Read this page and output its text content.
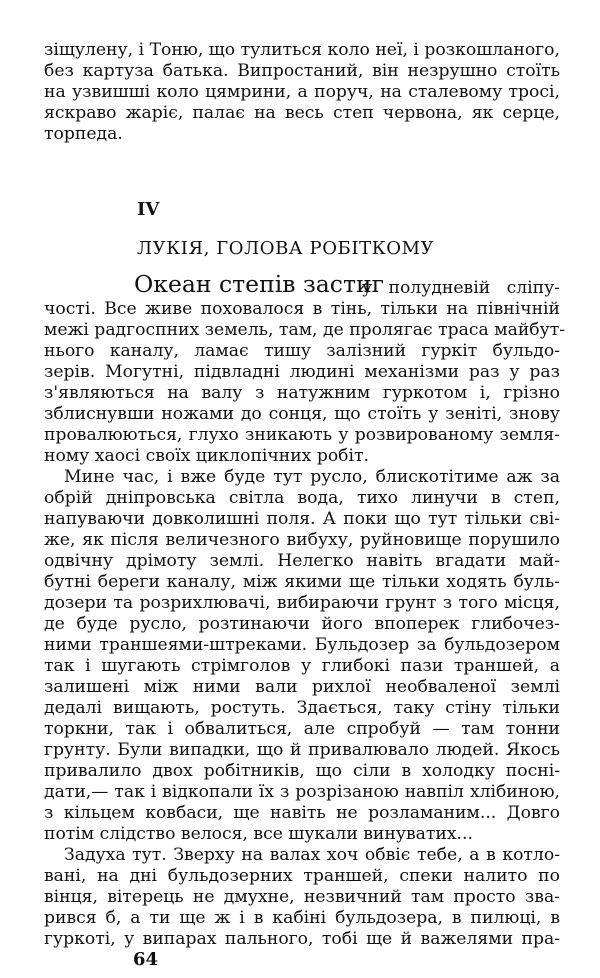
зіщулену, і Тоню, що тулиться коло неї, і розкошланого,
без картуза батька. Випростаний, він незрушно стоїть
на узвишші коло цямрини, а поруч, на сталевому тросі,
яскраво жаріє, палає на весь степ червона, як серце,
торпеда.
IV
ЛУКІЯ, ГОЛОВА РОБІТКОМУ
Океан степів застиг
у полудневій сліпу-
чості. Все живе поховалося в тінь, тільки на північній
межі радгоспних земель, там, де пролягає траса майбут-
нього каналу, ламає тишу залізний гуркіт бульдо-
зерів. Могутні, підвладні людині механізми раз у раз
з'являються на валу з натужним гуркотом і, грізно
зблиснувши ножами до сонця, що стоїть у зеніті, знову
провалюються, глухо зникають у розвированому земля-
ному хаосі своїх циклопічних робіт.
Мине час, і вже буде тут русло, блискотітиме аж за
обрій дніпровська світла вода, тихо линучи в степ,
напуваючи довколишні поля. А поки що тут тільки сві-
же, як після величезного вибуху, руйновище порушило
одвічну дрімоту землі. Нелегко навіть вгадати май-
бутні береги каналу, між якими ще тільки ходять буль-
дозери та розрихлювачі, вибираючи грунт з того місця,
де буде русло, розтинаючи його впоперек глибочез-
ними траншеями-штреками. Бульдозер за бульдозером
так і шугають стрімголов у глибокі пази траншей, а
залишені між ними вали рихлої необваленої землі
дедалі вищають, ростуть. Здається, таку стіну тільки
торкни, так і обвалиться, але спробуй — там тонни
грунту. Були випадки, що й привалювало людей. Якось
привалило двох робітників, що сіли в холодку поснi-
дати,— так і відкопали їх з розрізаною навпіл хлібиною,
з кільцем ковбаси, ще навіть не розламаним... Довго
потім слідство велося, все шукали винуватих...
Задуха тут. Зверху на валах хоч обвіє тебе, а в котло-
вані, на дні бульдозерних траншей, спеки налито по
вінця, вітерець не дмухне, незвичний там просто зва-
рився б, а ти ще ж і в кабіні бульдозера, в пилюці, в
гуркоті, у випарах пального, тобі ще й важелями пра-
64
